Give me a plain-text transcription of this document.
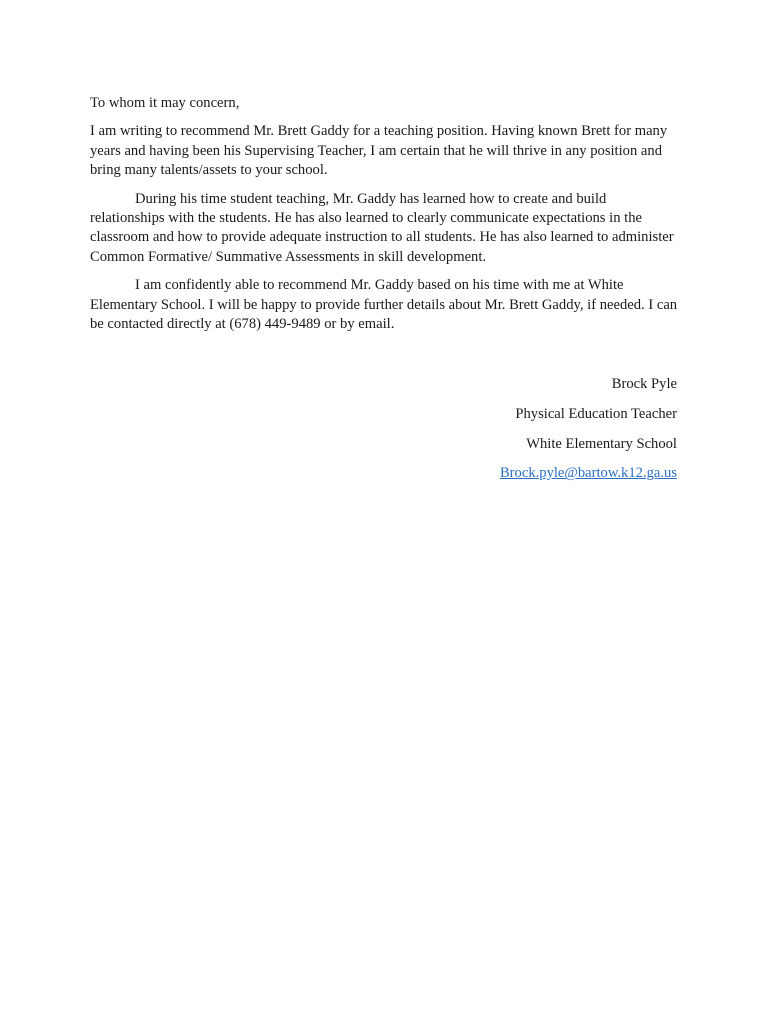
To whom it may concern,

I am writing to recommend Mr. Brett Gaddy for a teaching position. Having known Brett for many years and having been his Supervising Teacher, I am certain that he will thrive in any position and bring many talents/assets to your school.

During his time student teaching, Mr. Gaddy has learned how to create and build relationships with the students. He has also learned to clearly communicate expectations in the classroom and how to provide adequate instruction to all students. He has also learned to administer Common Formative/ Summative Assessments in skill development.

I am confidently able to recommend Mr. Gaddy based on his time with me at White Elementary School. I will be happy to provide further details about Mr. Brett Gaddy, if needed. I can be contacted directly at (678) 449-9489 or by email.

Brock Pyle
Physical Education Teacher
White Elementary School
Brock.pyle@bartow.k12.ga.us
